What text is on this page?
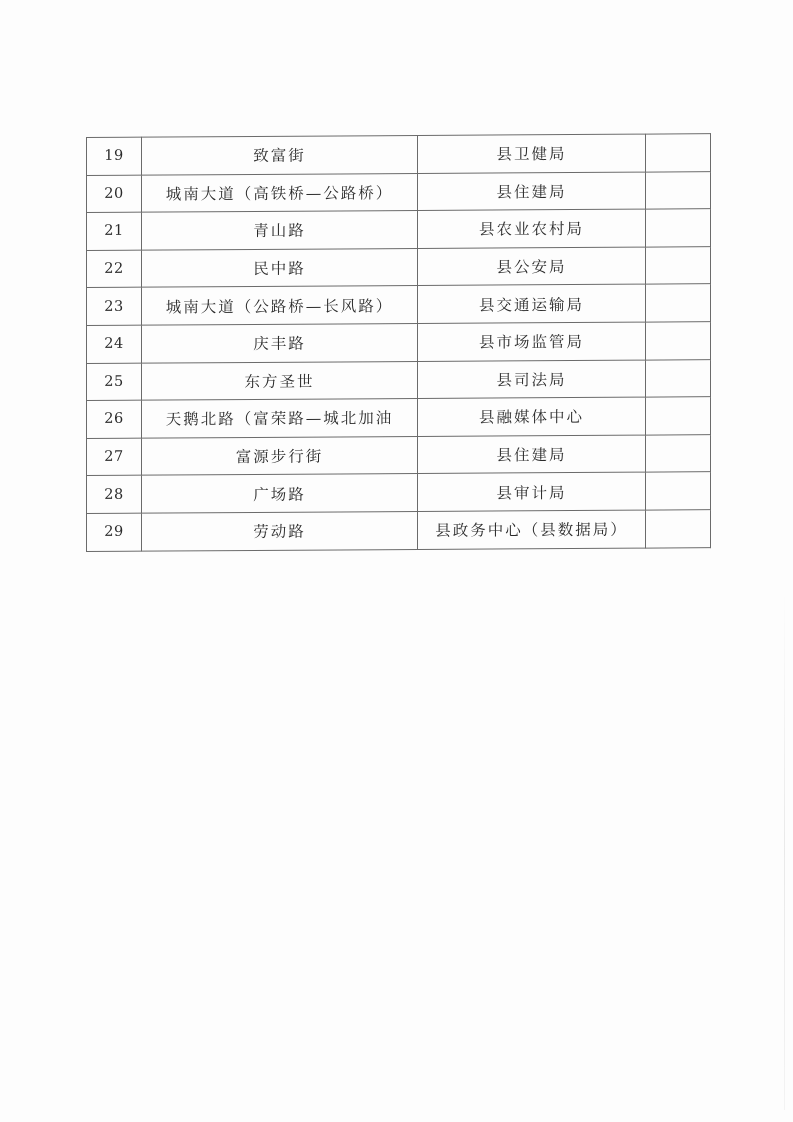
19	致富街	县卫健局	
20	城南大道（高铁桥—公路桥）	县住建局	
21	青山路	县农业农村局	
22	民中路	县公安局	
23	城南大道（公路桥—长风路）	县交通运输局	
24	庆丰路	县市场监管局	
25	东方圣世	县司法局	
26	天鹅北路（富荣路—城北加油	县融媒体中心	
27	富源步行街	县住建局	
28	广场路	县审计局	
29	劳动路	县政务中心（县数据局）	
